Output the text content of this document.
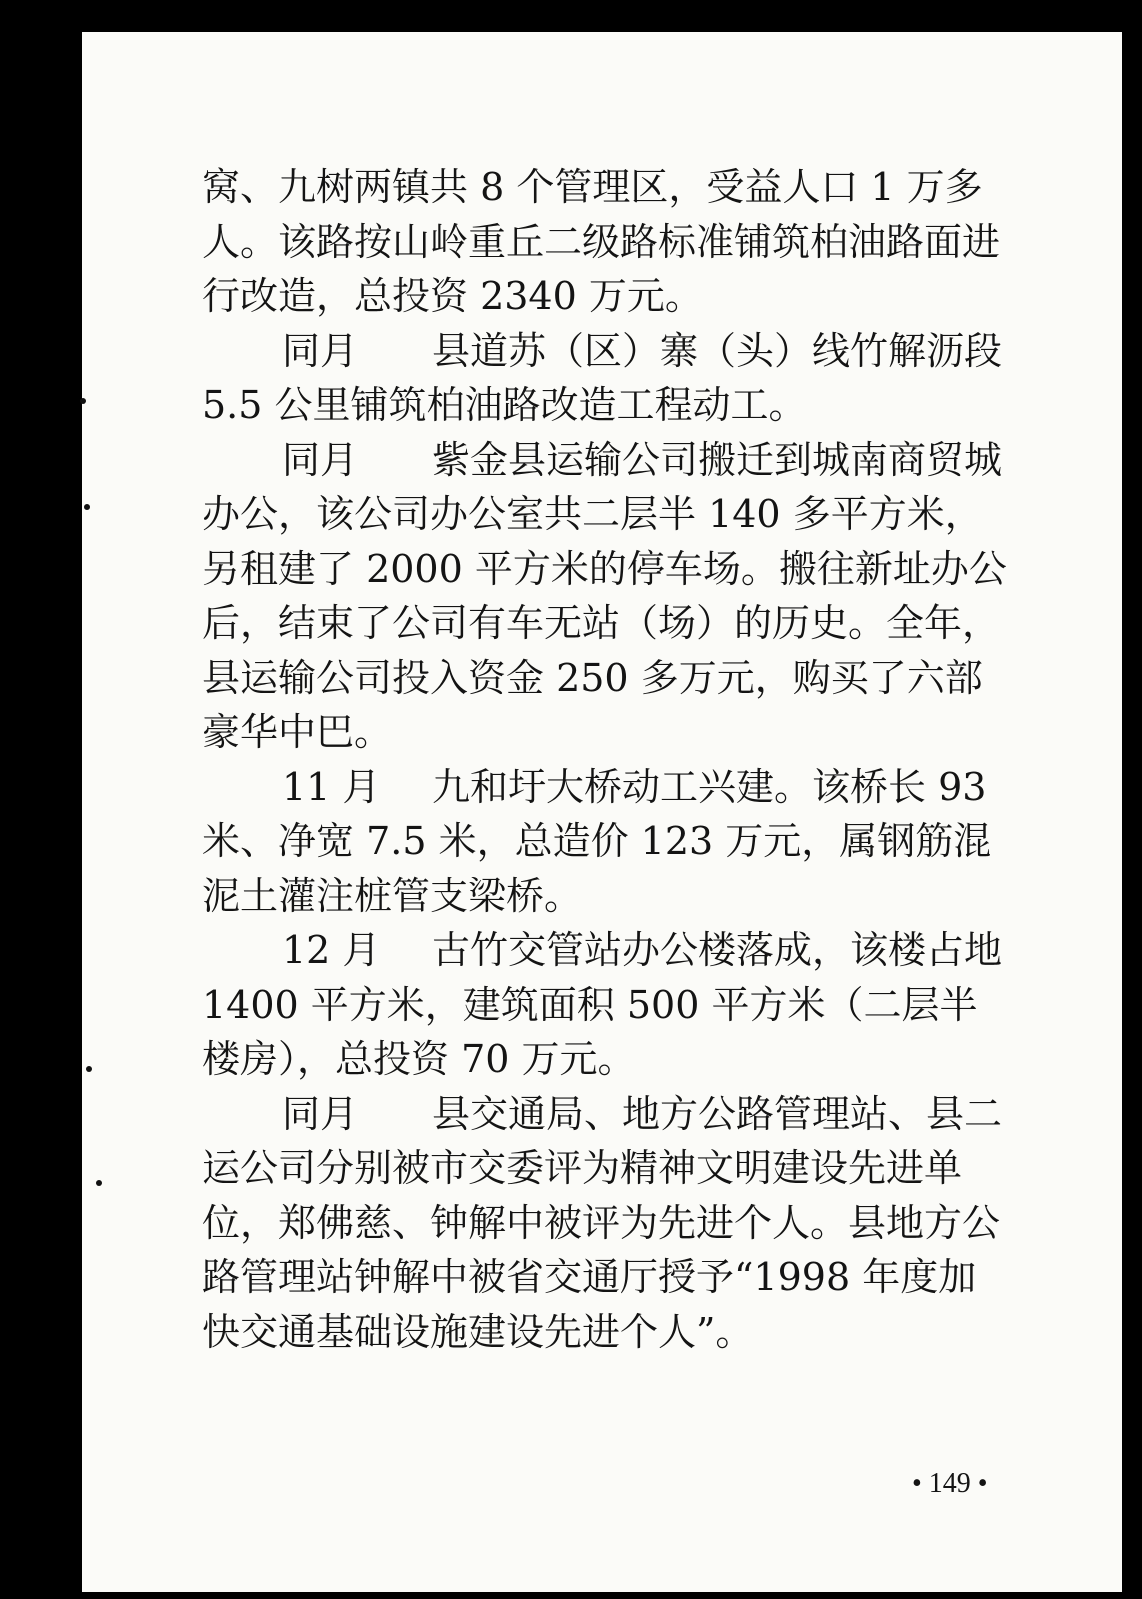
窝、九树两镇共 8 个管理区，受益人口 1 万多人。该路按山岭重丘二级路标准铺筑柏油路面进行改造，总投资 2340 万元。

同月 县道苏（区）寨（头）线竹解沥段 5.5 公里铺筑柏油路改造工程动工。

同月 紫金县运输公司搬迁到城南商贸城办公，该公司办公室共二层半 140 多平方米，另租建了 2000 平方米的停车场。搬往新址办公后，结束了公司有车无站（场）的历史。全年，县运输公司投入资金 250 多万元，购买了六部豪华中巴。

11 月 九和圩大桥动工兴建。该桥长 93 米、净宽 7.5 米，总造价 123 万元，属钢筋混泥土灌注桩管支梁桥。

12 月 古竹交管站办公楼落成，该楼占地 1400 平方米，建筑面积 500 平方米（二层半楼房），总投资 70 万元。

同月 县交通局、地方公路管理站、县二运公司分别被市交委评为精神文明建设先进单位，郑佛慈、钟解中被评为先进个人。县地方公路管理站钟解中被省交通厅授予“1998 年度加快交通基础设施建设先进个人”。

• 149 •
